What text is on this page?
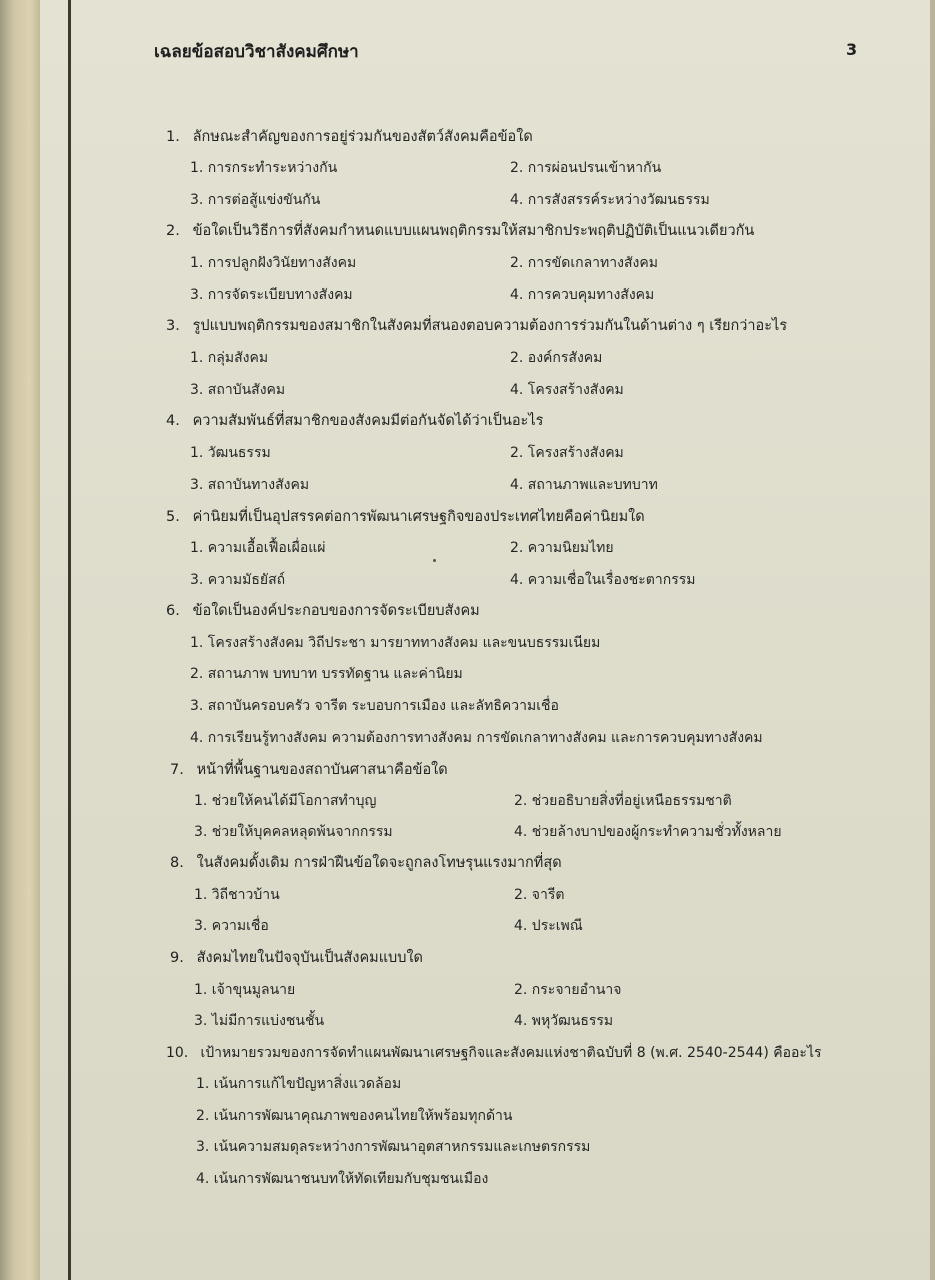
เฉลยข้อสอบวิชาสังคมศึกษา	3
1. ลักษณะสำคัญของการอยู่ร่วมกันของสัตว์สังคมคือข้อใด
1. การกระทำระหว่างกัน	2. การผ่อนปรนเข้าหากัน
3. การต่อสู้แข่งขันกัน	4. การสังสรรค์ระหว่างวัฒนธรรม
2. ข้อใดเป็นวิธีการที่สังคมกำหนดแบบแผนพฤติกรรมให้สมาชิกประพฤติปฏิบัติเป็นแนวเดียวกัน
1. การปลูกฝังวินัยทางสังคม	2. การขัดเกลาทางสังคม
3. การจัดระเบียบทางสังคม	4. การควบคุมทางสังคม
3. รูปแบบพฤติกรรมของสมาชิกในสังคมที่สนองตอบความต้องการร่วมกันในด้านต่าง ๆ เรียกว่าอะไร
1. กลุ่มสังคม	2. องค์กรสังคม
3. สถาบันสังคม	4. โครงสร้างสังคม
4. ความสัมพันธ์ที่สมาชิกของสังคมมีต่อกันจัดได้ว่าเป็นอะไร
1. วัฒนธรรม	2. โครงสร้างสังคม
3. สถาบันทางสังคม	4. สถานภาพและบทบาท
5. ค่านิยมที่เป็นอุปสรรคต่อการพัฒนาเศรษฐกิจของประเทศไทยคือค่านิยมใด
1. ความเอื้อเฟื้อเผื่อแผ่	2. ความนิยมไทย
3. ความมัธยัสถ์	4. ความเชื่อในเรื่องชะตากรรม
6. ข้อใดเป็นองค์ประกอบของการจัดระเบียบสังคม
1. โครงสร้างสังคม วิถีประชา มารยาททางสังคม และขนบธรรมเนียม
2. สถานภาพ บทบาท บรรทัดฐาน และค่านิยม
3. สถาบันครอบครัว จารีต ระบอบการเมือง และลัทธิความเชื่อ
4. การเรียนรู้ทางสังคม ความต้องการทางสังคม การขัดเกลาทางสังคม และการควบคุมทางสังคม
7. หน้าที่พื้นฐานของสถาบันศาสนาคือข้อใด
1. ช่วยให้คนได้มีโอกาสทำบุญ	2. ช่วยอธิบายสิ่งที่อยู่เหนือธรรมชาติ
3. ช่วยให้บุคคลหลุดพ้นจากกรรม	4. ช่วยล้างบาปของผู้กระทำความชั่วทั้งหลาย
8. ในสังคมดั้งเดิม การฝ่าฝืนข้อใดจะถูกลงโทษรุนแรงมากที่สุด
1. วิถีชาวบ้าน	2. จารีต
3. ความเชื่อ	4. ประเพณี
9. สังคมไทยในปัจจุบันเป็นสังคมแบบใด
1. เจ้าขุนมูลนาย	2. กระจายอำนาจ
3. ไม่มีการแบ่งชนชั้น	4. พหุวัฒนธรรม
10. เป้าหมายรวมของการจัดทำแผนพัฒนาเศรษฐกิจและสังคมแห่งชาติฉบับที่ 8 (พ.ศ. 2540-2544) คืออะไร
1. เน้นการแก้ไขปัญหาสิ่งแวดล้อม
2. เน้นการพัฒนาคุณภาพของคนไทยให้พร้อมทุกด้าน
3. เน้นความสมดุลระหว่างการพัฒนาอุตสาหกรรมและเกษตรกรรม
4. เน้นการพัฒนาชนบทให้ทัดเทียมกับชุมชนเมือง
